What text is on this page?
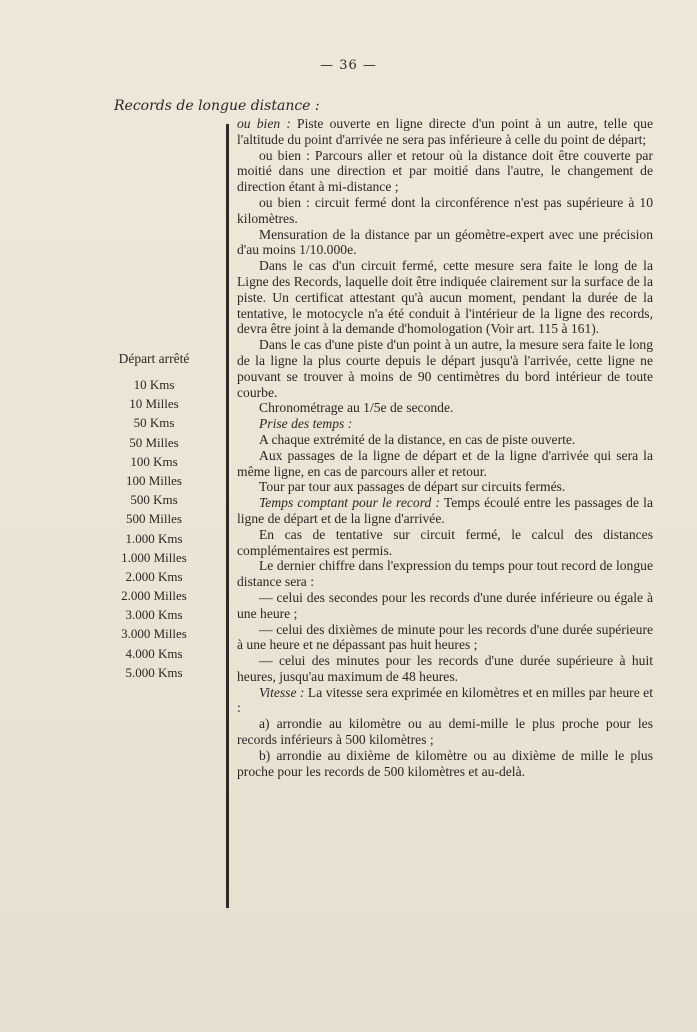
— 36 —
Records de longue distance :
Départ arrêté
10 Kms
10 Milles
50 Kms
50 Milles
100 Kms
100 Milles
500 Kms
500 Milles
1.000 Kms
1.000 Milles
2.000 Kms
2.000 Milles
3.000 Kms
3.000 Milles
4.000 Kms
5.000 Kms

ou bien : Piste ouverte en ligne directe d'un point à un autre, telle que l'altitude du point d'arrivée ne sera pas inférieure à celle du point de départ;

ou bien : Parcours aller et retour où la distance doit être couverte par moitié dans une direction et par moitié dans l'autre, le changement de direction étant à mi-distance ;

ou bien : circuit fermé dont la circonférence n'est pas supérieure à 10 kilomètres.

Mensuration de la distance par un géomètre-expert avec une précision d'au moins 1/10.000e.

Dans le cas d'un circuit fermé, cette mesure sera faite le long de la Ligne des Records, laquelle doit être indiquée clairement sur la surface de la piste. Un certificat attestant qu'à aucun moment, pendant la durée de la tentative, le motocycle n'a été conduit à l'intérieur de la ligne des records, devra être joint à la demande d'homologation (Voir art. 115 à 161).

Dans le cas d'une piste d'un point à un autre, la mesure sera faite le long de la ligne la plus courte depuis le départ jusqu'à l'arrivée, cette ligne ne pouvant se trouver à moins de 90 centimètres du bord intérieur de toute courbe.

Chronométrage au 1/5e de seconde.

Prise des temps :

A chaque extrémité de la distance, en cas de piste ouverte.

Aux passages de la ligne de départ et de la ligne d'arrivée qui sera la même ligne, en cas de parcours aller et retour.

Tour par tour aux passages de départ sur circuits fermés.

Temps comptant pour le record : Temps écoulé entre les passages de la ligne de départ et de la ligne d'arrivée.

En cas de tentative sur circuit fermé, le calcul des distances complémentaires est permis.

Le dernier chiffre dans l'expression du temps pour tout record de longue distance sera :

— celui des secondes pour les records d'une durée inférieure ou égale à une heure ;

— celui des dixièmes de minute pour les records d'une durée supérieure à une heure et ne dépassant pas huit heures ;

— celui des minutes pour les records d'une durée supérieure à huit heures, jusqu'au maximum de 48 heures.

Vitesse : La vitesse sera exprimée en kilomètres et en milles par heure et :

a) arrondie au kilomètre ou au demi-mille le plus proche pour les records inférieurs à 500 kilomètres ;

b) arrondie au dixième de kilomètre ou au dixième de mille le plus proche pour les records de 500 kilomètres et au-delà.
